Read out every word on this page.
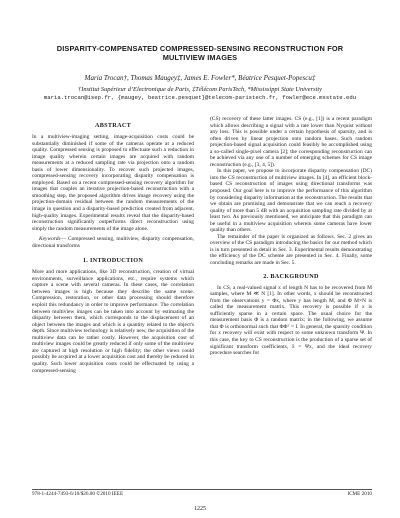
DISPARITY-COMPENSATED COMPRESSED-SENSING RECONSTRUCTION FOR
MULTIVIEW IMAGES
Maria Trocan†, Thomas Maugey‡, James E. Fowler*, Béatrice Pesquet-Popescu‡
†Institut Supérieur d’Electronique de Paris, ‡Télécom ParisTech, *Mississippi State University
maria.trocan@isep.fr, {maugey, beatrice.pesquet}@telecom-paristech.fr, fowler@ece.msstate.edu
ABSTRACT

In a multiview-imaging setting, image-acquisition costs could be substantially diminished if some of the cameras operate at a reduced quality. Compressed sensing is proposed to effectuate such a reduction in image quality wherein certain images are acquired with random measurements at a reduced sampling rate via projection onto a random basis of lower dimensionality. To recover such projected images, compressed-sensing recovery incorporating disparity compensation is employed. Based on a recent compressed-sensing recovery algorithm for images that couples an iterative projection-based reconstruction with a smoothing step, the proposed algorithm drives image recovery using the projection-domain residual between the random measurements of the image in question and a disparity-based prediction created from adjacent, high-quality images. Experimental results reveal that the disparity-based reconstruction significantly outperforms direct reconstruction using simply the random measurements of the image alone.

Keywords— Compressed sensing, multiview, disparity compensation, directional transforms

1. INTRODUCTION

More and more applications, like 3D reconstruction, creation of virtual environments, surveillance applications, etc., require systems which capture a scene with several cameras. In these cases, the correlation between images is high because they describe the same scene. Compression, restoration, or other data processing should therefore exploit this redundancy in order to improve performance. The correlation between multiview images can be taken into account by estimating the disparity between them, which corresponds to the displacement of an object between the images and which is a quantity related to the object's depth. Since multiview technology is relatively new, the acquisition of the multiview data can be rather costly. However, the acquisition cost of multiview images could be greatly reduced if only some of the multiview are captured at high resolution or high fidelity; the other views could possibly be acquired at a lower acquisition cost and thereby be reduced in quality. Such lower acquisition costs could be effectuated by using a compressed-sensing

(CS) recovery of these latter images. CS (e.g., [1]) is a recent paradigm which allows describing a signal with a rate lower than Nyquist without any loss. This is possible under a certain hypothesis of sparsity, and is often driven by linear projection onto random bases. Such random projection-based signal acquisition could feasibly be accomplished using a so-called single-pixel camera [2]; the corresponding reconstruction can be achieved via any one of a number of emerging schemes for CS image reconstruction (e.g., [3, 4, 5]).

In this paper, we propose to incorporate disparity compensation (DC) into the CS reconstruction of multiview images. In [4], an efficient block-based CS reconstruction of images using directional transforms was proposed. Our goal here is to improve the performance of this algorithm by considering disparity information at the reconstruction. The results that we obtain are promising and demonstrate that we can reach a recovery quality of more than 5 dB with an acquisition sampling rate divided by at least two. As previously mentioned, we anticipate that this paradigm can be useful in a multiview acquisition wherein some cameras have lower quality than others.

The remainder of the paper is organized as follows. Sec. 2 gives an overview of the CS paradigm introducing the basics for our method which is in turn presented in detail in Sec. 3. Experimental results demonstrating the efficiency of the DC scheme are presented in Sec. 4. Finally, some concluding remarks are made in Sec. 5.

2. BACKGROUND

In CS, a real-valued signal x of length N has to be recovered from M samples, where M ≪ N [1]. In other words, x should be reconstructed from the observations y = Φx, where y has length M, and Φ M×N is called the measurement matrix. This recovery is possible if x is sufficiently sparse in a certain space. The usual choice for the measurement basis Φ is a random matrix; in the following, we assume that Φ is orthonormal such that ΦΦᵀ = I. In general, the sparsity condition for x recovery will exist with respect to some unknown transform Ψ. In this case, the key to CS reconstruction is the production of a sparse set of significant transform coefficients, x̂ = Ψx, and the ideal recovery procedure searches for

978-1-4244-7493-6/10/$26.00 ©2010 IEEE	ICME 2010
1225
